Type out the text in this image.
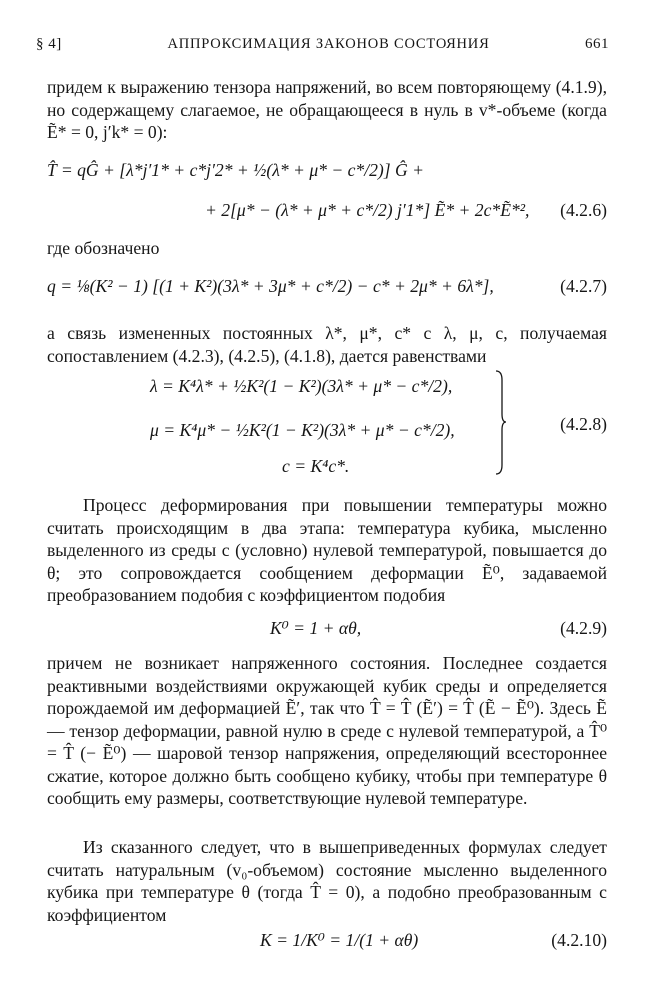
АППРОКСИМАЦИЯ ЗАКОНОВ СОСТОЯНИЯ
§ 4]	661
придем к выражению тензора напряжений, во всем повторяющему (4.1.9), но содержащему слагаемое, не обращающееся в нуль в v*-объеме (когда Ẽ* = 0, j′k* = 0):
T̂ = qĜ + [λ*j′1* + c*j′2* + ½(λ* + μ* − c*/2)] Ĝ +
+ 2[μ* − (λ* + μ* + c*/2) j′1*] Ẽ* + 2c*Ẽ*², (4.2.6)
где обозначено
q = ⅛(K² − 1) [(1 + K²)(3λ* + 3μ* + c*/2) − c* + 2μ* + 6λ*],	(4.2.7)
а связь измененных постоянных λ*, μ*, c* с λ, μ, c, получаемая сопоставлением (4.2.3), (4.2.5), (4.1.8), дается равенствами
λ = K⁴λ* + ½K²(1 − K²)(3λ* + μ* − c*/2),
μ = K⁴μ* − ½K²(1 − K²)(3λ* + μ* − c*/2),
c = K⁴c*.
(4.2.8)
Процесс деформирования при повышении температуры можно считать происходящим в два этапа: температура кубика, мысленно выделенного из среды с (условно) нулевой температурой, повышается до θ; это сопровождается сообщением деформации Ẽ⁰, задаваемой преобразованием подобия с коэффициентом подобия
K⁰ = 1 + αθ,	(4.2.9)
причем не возникает напряженного состояния. Последнее создается реактивными воздействиями окружающей кубик среды и определяется порождаемой им деформацией Ẽ′, так что T̂ = T̂ (Ẽ′) = T̂ (Ẽ − Ẽ⁰). Здесь Ẽ — тензор деформации, равной нулю в среде с нулевой температурой, а T̂⁰ = T̂ (− Ẽ⁰) — шаровой тензор напряжения, определяющий всестороннее сжатие, которое должно быть сообщено кубику, чтобы при температуре θ сообщить ему размеры, соответствующие нулевой температуре.
Из сказанного следует, что в вышеприведенных формулах следует считать натуральным (v₀-объемом) состояние мысленно выделенного кубика при температуре θ (тогда T̂ = 0), а подобно преобразованным с коэффициентом
K = 1/K⁰ = 1/(1 + αθ)	(4.2.10)
